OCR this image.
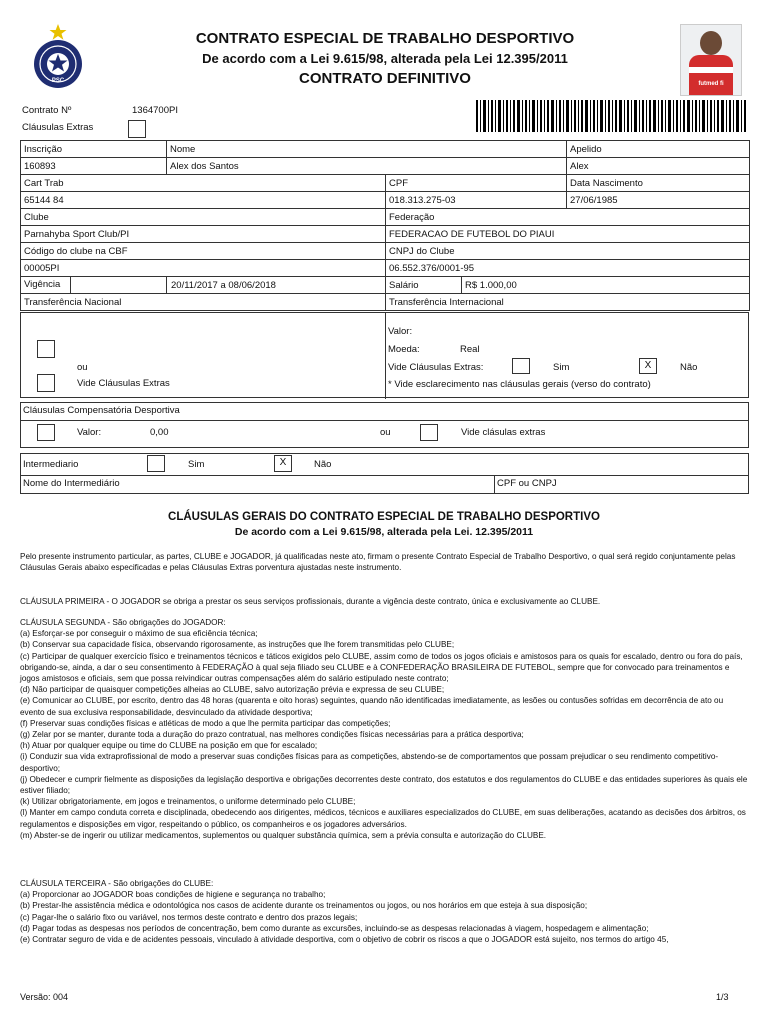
PSC
CONTRATO ESPECIAL DE TRABALHO DESPORTIVO
De acordo com a Lei 9.615/98, alterada pela Lei 12.395/2011
CONTRATO DEFINITIVO	futmed fi
Contrato Nº	1364700PI
Cláusulas Extras
Inscrição	Nome			Apelido
160893	Alex dos Santos			Alex
Cart Trab		CPF		Data Nascimento
65144 84		018.313.275-03		27/06/1985
Clube		Federação		
Parnahyba Sport Club/PI		FEDERACAO DE FUTEBOL DO PIAUI		
Código do clube na CBF		CNPJ do Clube		
00005PI		06.552.376/0001-95		

Vigência	20/11/2017 a 08/06/2018	Salário	R$ 1.000,00	
Transferência Nacional		Transferência Internacional		
ou
Vide Cláusulas Extras
Valor:
Moeda:	Real
Vide Cláusulas Extras:	Sim	X	Não
* Vide esclarecimento nas cláusulas gerais (verso do contrato)
Cláusulas Compensatória Desportiva
Valor:	0,00	ou	Vide clásulas extras
Intermediario	Sim	X	Não
Nome do Intermediário	CPF ou CNPJ
CLÁUSULAS GERAIS DO CONTRATO ESPECIAL DE TRABALHO DESPORTIVO
De acordo com a Lei 9.615/98, alterada pela Lei. 12.395/2011

Pelo presente instrumento particular, as partes, CLUBE e JOGADOR, já qualificadas neste ato, firmam o presente Contrato Especial de Trabalho Desportivo, o qual será regido conjuntamente pelas Cláusulas Gerais abaixo especificadas e pelas Cláusulas Extras porventura ajustadas neste instrumento.

CLÁUSULA PRIMEIRA - O JOGADOR se obriga a prestar os seus serviços profissionais, durante a vigência deste contrato, única e exclusivamente ao CLUBE.

CLÁUSULA SEGUNDA - São obrigações do JOGADOR:

(a) Esforçar-se por conseguir o máximo de sua eficiência técnica;

(b) Conservar sua capacidade física, observando rigorosamente, as instruções que lhe forem transmitidas pelo CLUBE;

(c) Participar de qualquer exercício físico e treinamentos técnicos e táticos exigidos pelo CLUBE, assim como de todos os jogos oficiais e amistosos para os quais for escalado, dentro ou fora do país, obrigando-se, ainda, a dar o seu consentimento à FEDERAÇÃO à qual seja filiado seu CLUBE e à CONFEDERAÇÃO BRASILEIRA DE FUTEBOL, sempre que for convocado para treinamentos e jogos amistosos e oficiais, sem que possa reivindicar outras compensações além do salário estipulado neste contrato;

(d) Não participar de quaisquer competições alheias ao CLUBE, salvo autorização prévia e expressa de seu CLUBE;

(e) Comunicar ao CLUBE, por escrito, dentro das 48 horas (quarenta e oito horas) seguintes, quando não identificadas imediatamente, as lesões ou contusões sofridas em decorrência de ato ou evento de sua exclusiva responsabilidade, desvinculado da atividade desportiva;

(f) Preservar suas condições físicas e atléticas de modo a que lhe permita participar das competições;

(g) Zelar por se manter, durante toda a duração do prazo contratual, nas melhores condições físicas necessárias para a prática desportiva;

(h) Atuar por qualquer equipe ou time do CLUBE na posição em que for escalado;

(i) Conduzir sua vida extraprofissional de modo a preservar suas condições físicas para as competições, abstendo-se de comportamentos que possam prejudicar o seu rendimento competitivo-desportivo;

(j) Obedecer e cumprir fielmente as disposições da legislação desportiva e obrigações decorrentes deste contrato, dos estatutos e dos regulamentos do CLUBE e das entidades superiores às quais ele estiver filiado;

(k) Utilizar obrigatoriamente, em jogos e treinamentos, o uniforme determinado pelo CLUBE;

(l) Manter em campo conduta correta e disciplinada, obedecendo aos dirigentes, médicos, técnicos e auxiliares especializados do CLUBE, em suas deliberações, acatando as decisões dos árbitros, os regulamentos e disposições em vigor, respeitando o público, os companheiros e os jogadores adversários.

(m) Abster-se de ingerir ou utilizar medicamentos, suplementos ou qualquer substância química, sem a prévia consulta e autorização do CLUBE.

CLÁUSULA TERCEIRA - São obrigações do CLUBE:

(a) Proporcionar ao JOGADOR boas condições de higiene e segurança no trabalho;

(b) Prestar-lhe assistência médica e odontológica nos casos de acidente durante os treinamentos ou jogos, ou nos horários em que esteja à sua disposição;

(c) Pagar-lhe o salário fixo ou variável, nos termos deste contrato e dentro dos prazos legais;

(d) Pagar todas as despesas nos períodos de concentração, bem como durante as excursões, incluindo-se as despesas relacionadas à viagem, hospedagem e alimentação;

(e) Contratar seguro de vida e de acidentes pessoais, vinculado à atividade desportiva, com o objetivo de cobrir os riscos a que o JOGADOR está sujeito, nos termos do artigo 45,

Versão: 004	1/3
